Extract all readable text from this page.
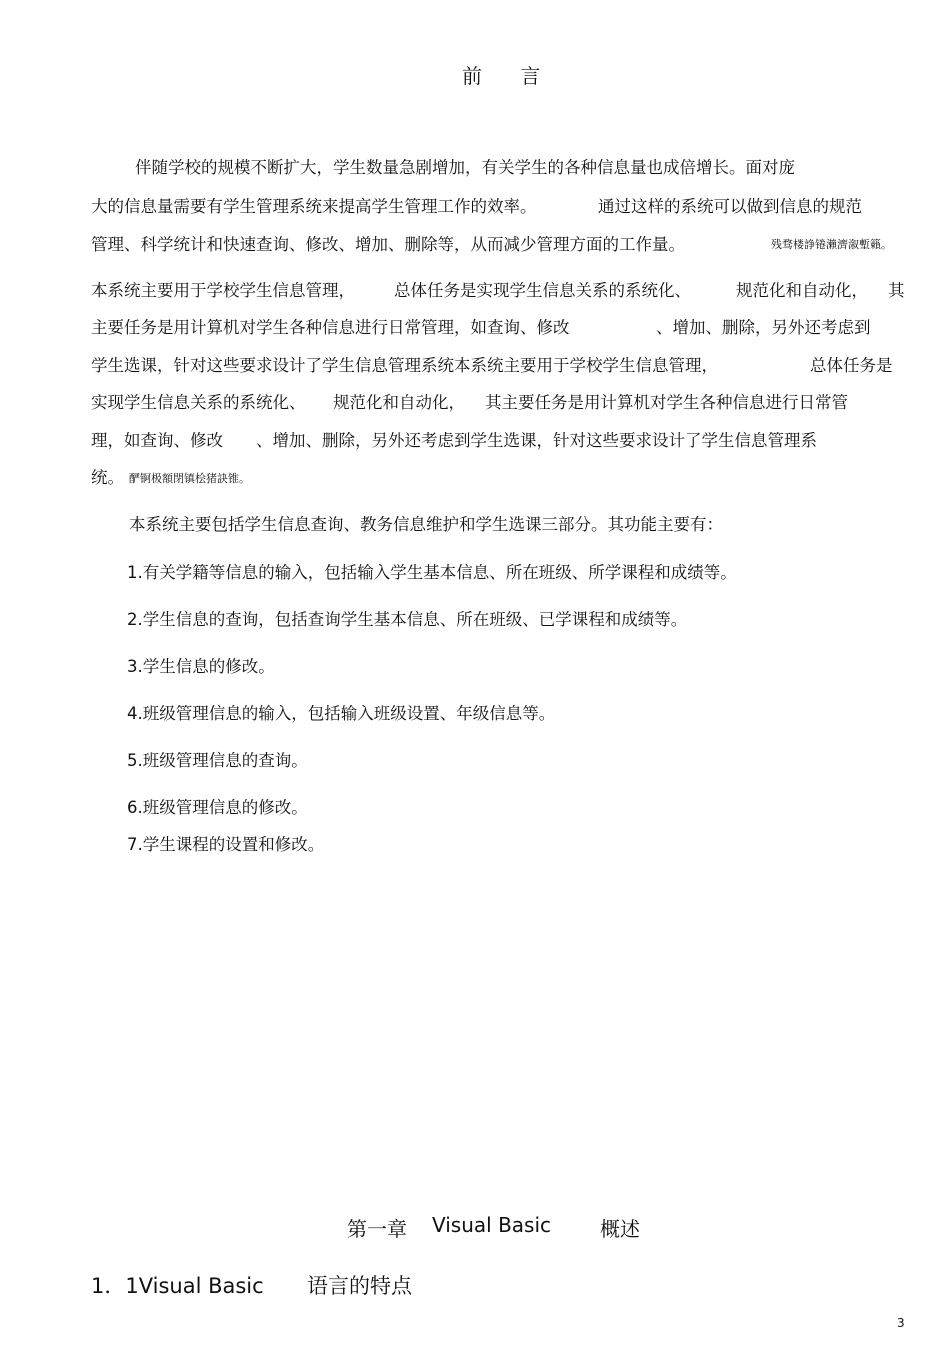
前 言
伴随学校的规模不断扩大，学生数量急剧增加，有关学生的各种信息量也成倍增长。面对庞
大的信息量需要有学生管理系统来提高学生管理工作的效率。	通过这样的系统可以做到信息的规范
管理、科学统计和快速查询、修改、增加、删除等，从而减少管理方面的工作量。	残骛楼諍锩瀨濟溆塹籟。
本系统主要用于学校学生信息管理， 总体任务是实现学生信息关系的系统化、	规范化和自动化， 其
主要任务是用计算机对学生各种信息进行日常管理，如查询、修改	、增加、删除，另外还考虑到
学生选课，针对这些要求设计了学生信息管理系统本系统主要用于学校学生信息管理，	总体任务是
实现学生信息关系的系统化、 规范化和自动化， 其主要任务是用计算机对学生各种信息进行日常管
理，如查询、修改 、增加、删除，另外还考虑到学生选课，针对这些要求设计了学生信息管理系
统。 酽锕极額閉镇桧猪訣锥。
本系统主要包括学生信息查询、教务信息维护和学生选课三部分。其功能主要有：
1.有关学籍等信息的输入，包括输入学生基本信息、所在班级、所学课程和成绩等。
2.学生信息的查询，包括查询学生基本信息、所在班级、已学课程和成绩等。
3.学生信息的修改。
4.班级管理信息的输入，包括输入班级设置、年级信息等。
5.班级管理信息的查询。
6.班级管理信息的修改。
7.学生课程的设置和修改。
第一章 Visual Basic 概述
1．1Visual Basic 语言的特点
3
